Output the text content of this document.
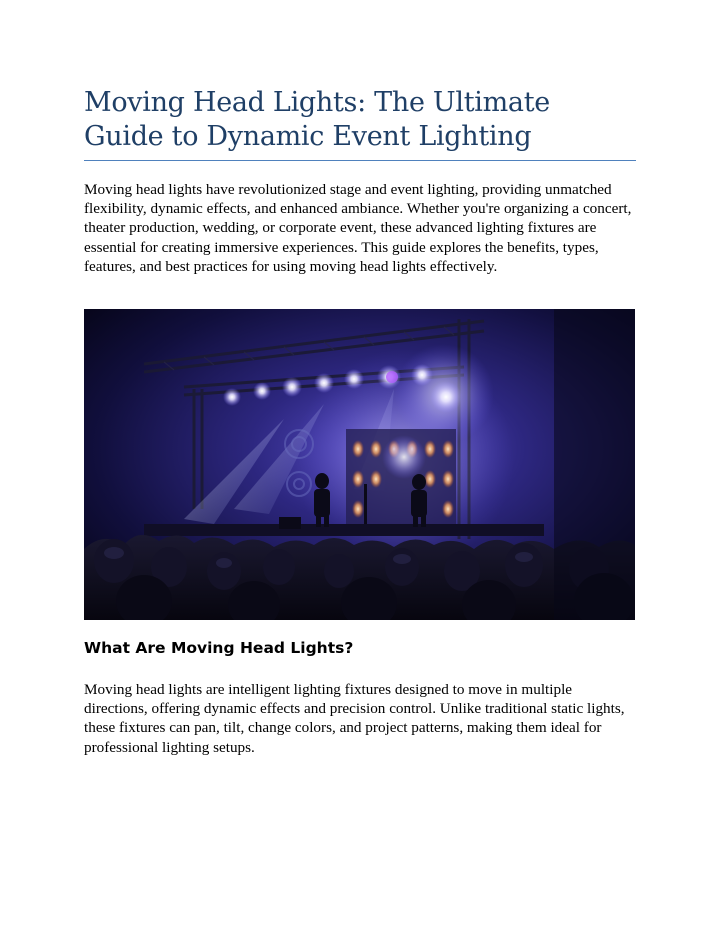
Moving Head Lights: The Ultimate Guide to Dynamic Event Lighting

Moving head lights have revolutionized stage and event lighting, providing unmatched flexibility, dynamic effects, and enhanced ambiance. Whether you're organizing a concert, theater production, wedding, or corporate event, these advanced lighting fixtures are essential for creating immersive experiences. This guide explores the benefits, types, features, and best practices for using moving head lights effectively.

What Are Moving Head Lights?

Moving head lights are intelligent lighting fixtures designed to move in multiple directions, offering dynamic effects and precision control. Unlike traditional static lights, these fixtures can pan, tilt, change colors, and project patterns, making them ideal for professional lighting setups.
